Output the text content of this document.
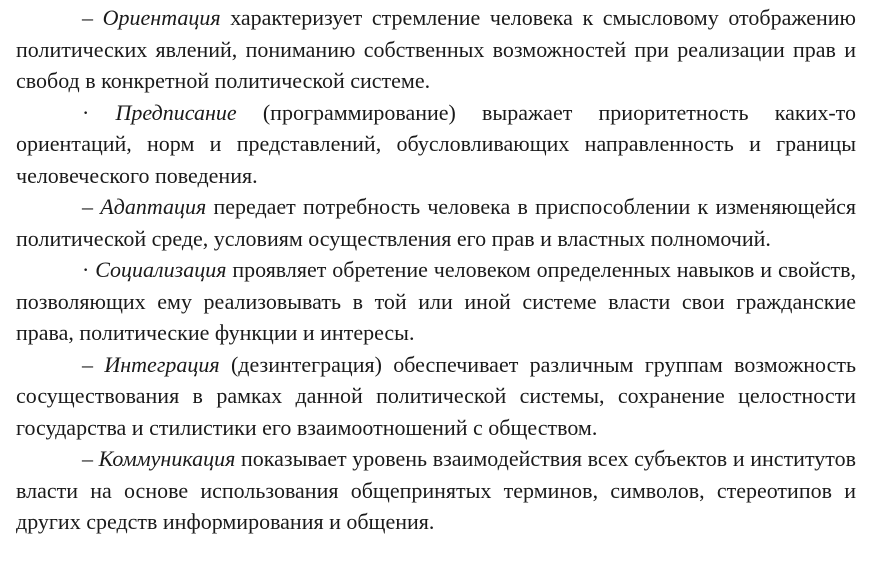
– Ориентация характеризует стремление человека к смысловому отображению политических явлений, пониманию собственных возможностей при реализации прав и свобод в конкретной политической системе.

· Предписание (программирование) выражает приоритетность каких-то ориентаций, норм и представлений, обусловливающих направленность и границы человеческого поведения.

– Адаптация передает потребность человека в приспособлении к изменяющейся политической среде, условиям осуществления его прав и властных полномочий.

· Социализация проявляет обретение человеком определенных навыков и свойств, позволяющих ему реализовывать в той или иной системе власти свои гражданские права, политические функции и интересы.

– Интеграция (дезинтеграция) обеспечивает различным группам возможность сосуществования в рамках данной политической системы, сохранение целостности государства и стилистики его взаимоотношений с обществом.

– Коммуникация показывает уровень взаимодействия всех субъектов и институтов власти на основе использования общепринятых терминов, символов, стереотипов и других средств информирования и общения.
